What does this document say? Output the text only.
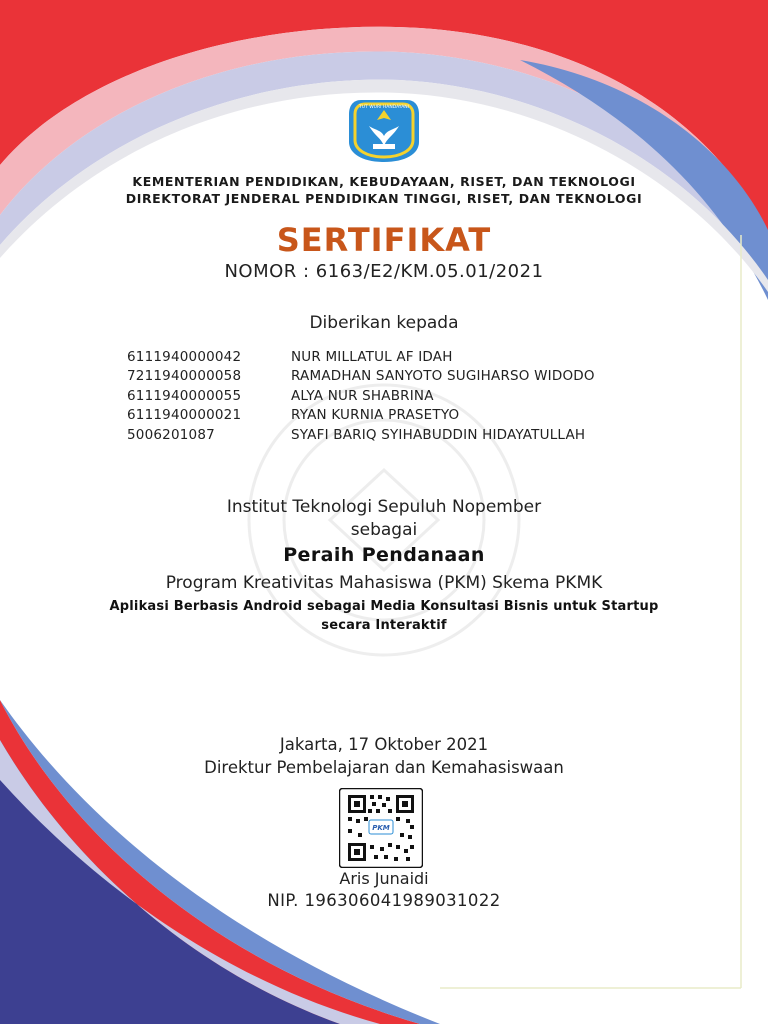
TUT WURI HANDAYANI
KEMENTERIAN PENDIDIKAN, KEBUDAYAAN, RISET, DAN TEKNOLOGI
DIREKTORAT JENDERAL PENDIDIKAN TINGGI, RISET, DAN TEKNOLOGI
SERTIFIKAT
NOMOR : 6163/E2/KM.05.01/2021
Diberikan kepada
6111940000042	NUR MILLATUL AF IDAH
7211940000058	RAMADHAN SANYOTO SUGIHARSO WIDODO
6111940000055	ALYA NUR SHABRINA
6111940000021	RYAN KURNIA PRASETYO
5006201087	SYAFI BARIQ SYIHABUDDIN HIDAYATULLAH
Institut Teknologi Sepuluh Nopember
sebagai
Peraih Pendanaan
Program Kreativitas Mahasiswa (PKM) Skema PKMK
Aplikasi Berbasis Android sebagai Media Konsultasi Bisnis untuk Startup
secara Interaktif
Jakarta, 17 Oktober 2021
Direktur Pembelajaran dan Kemahasiswaan
PKM
Aris Junaidi
NIP. 196306041989031022
